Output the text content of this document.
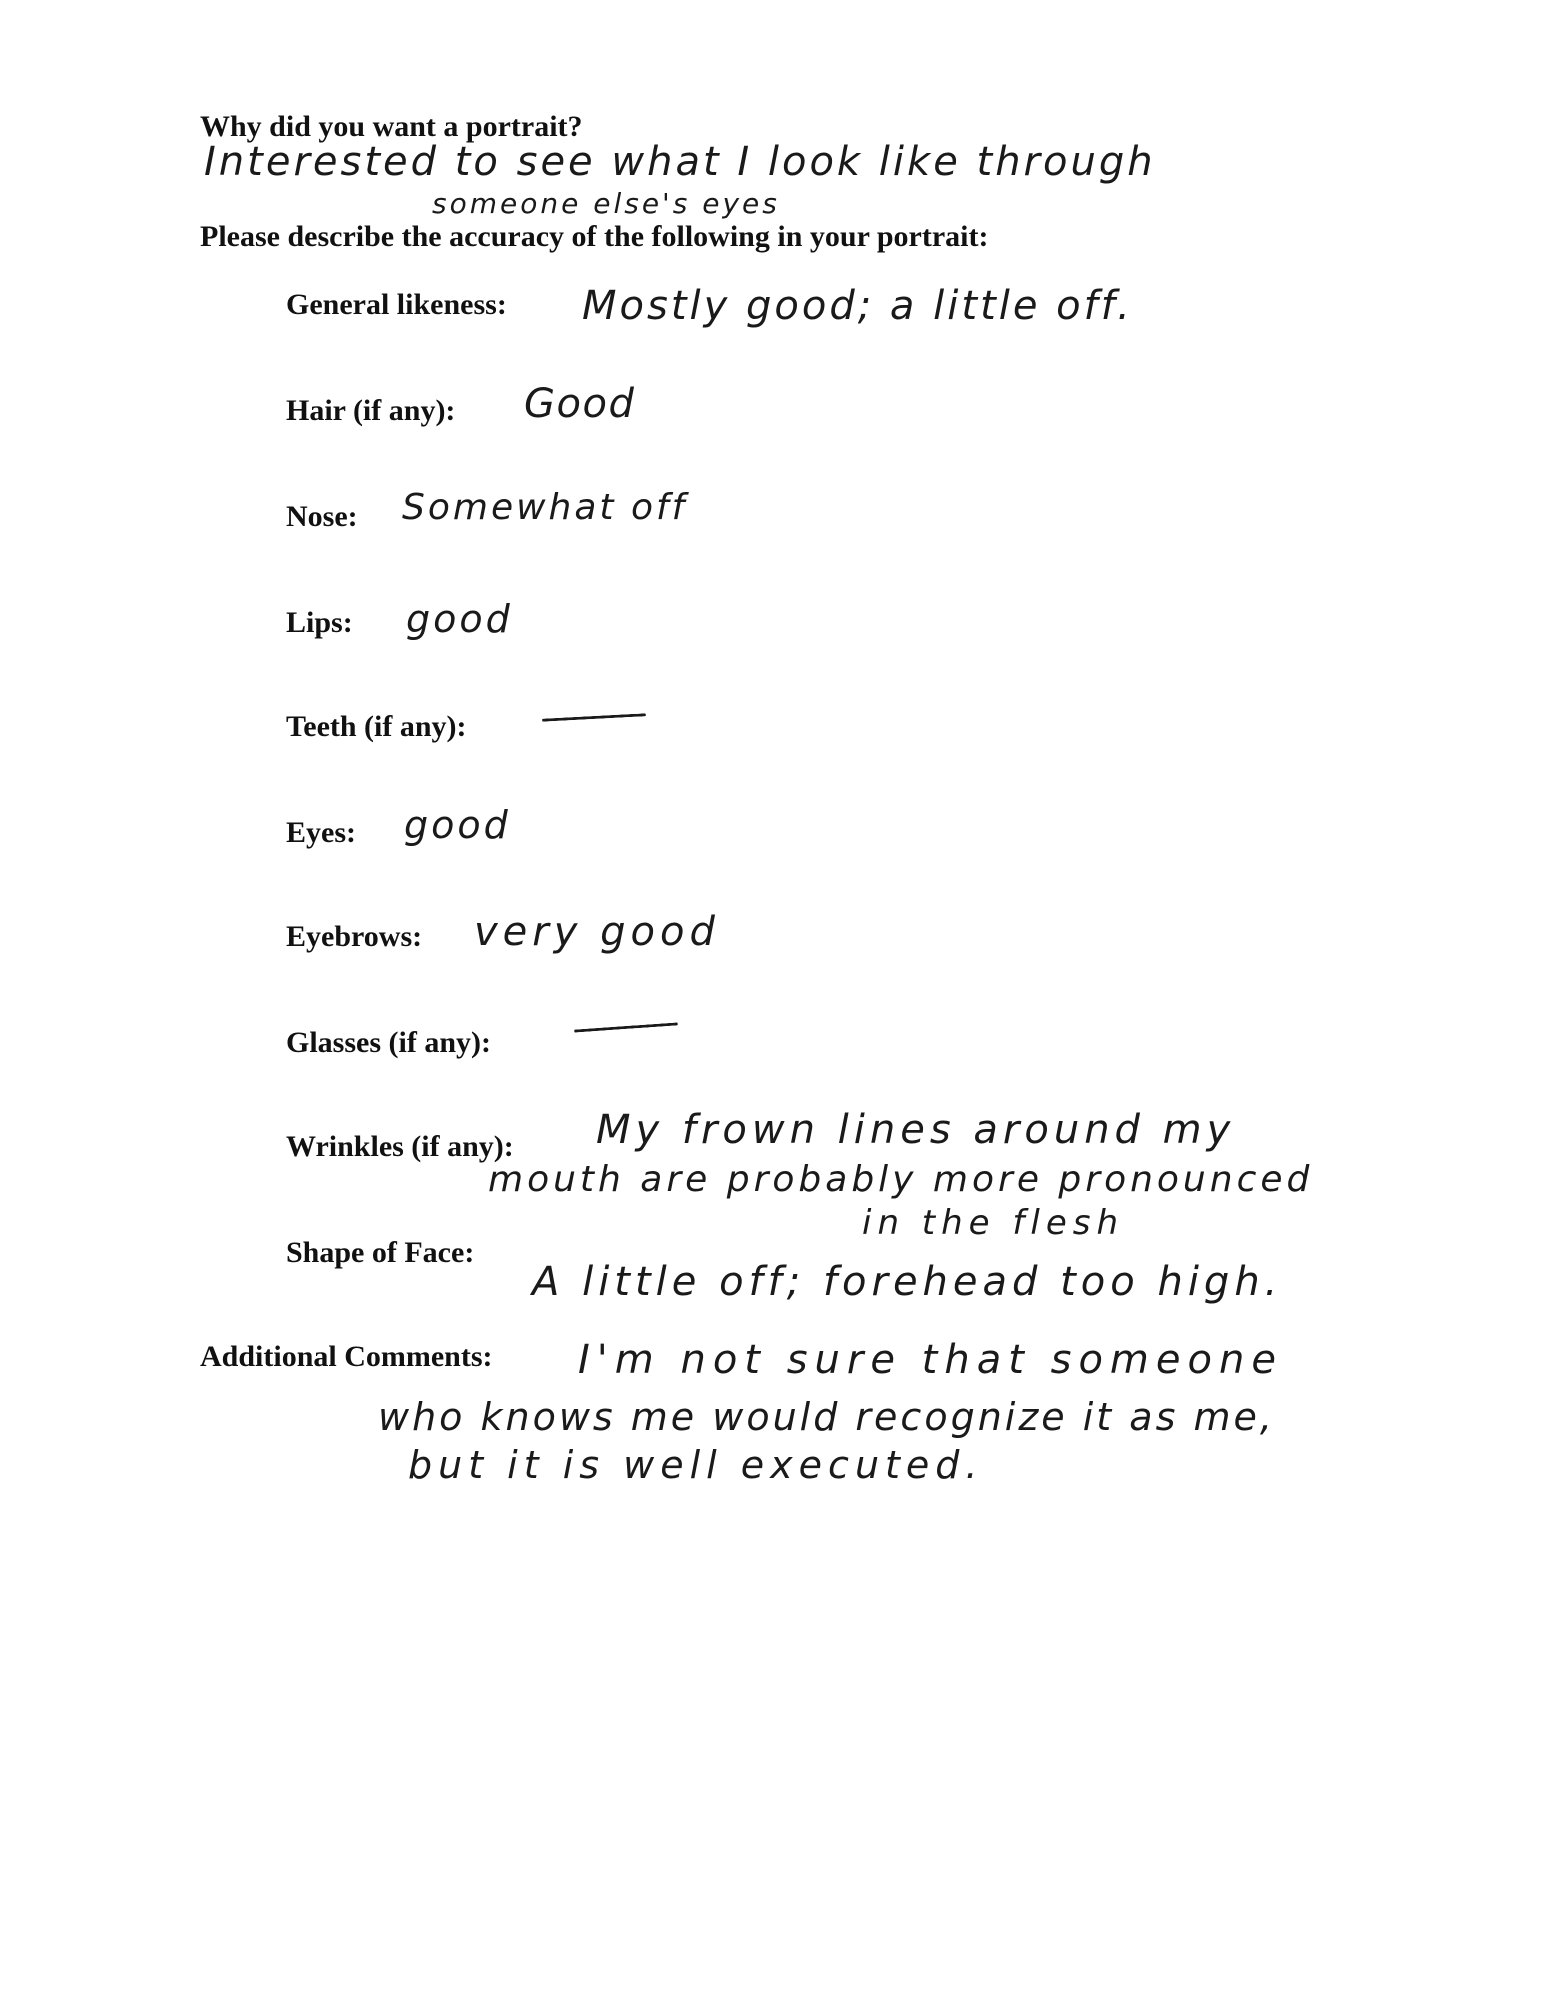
Why did you want a portrait?
Interested to see what I look like through
someone else's eyes
Please describe the accuracy of the following in your portrait:
General likeness: Mostly good; a little off.
Hair (if any): Good
Nose: Somewhat off
Lips: good
Teeth (if any):
Eyes: good
Eyebrows: very good
Glasses (if any):
Wrinkles (if any): My frown lines around my
mouth are probably more pronounced
in the flesh
Shape of Face:
A little off; forehead too high.
Additional Comments: I'm not sure that someone
who knows me would recognize it as me,
but it is well executed.
